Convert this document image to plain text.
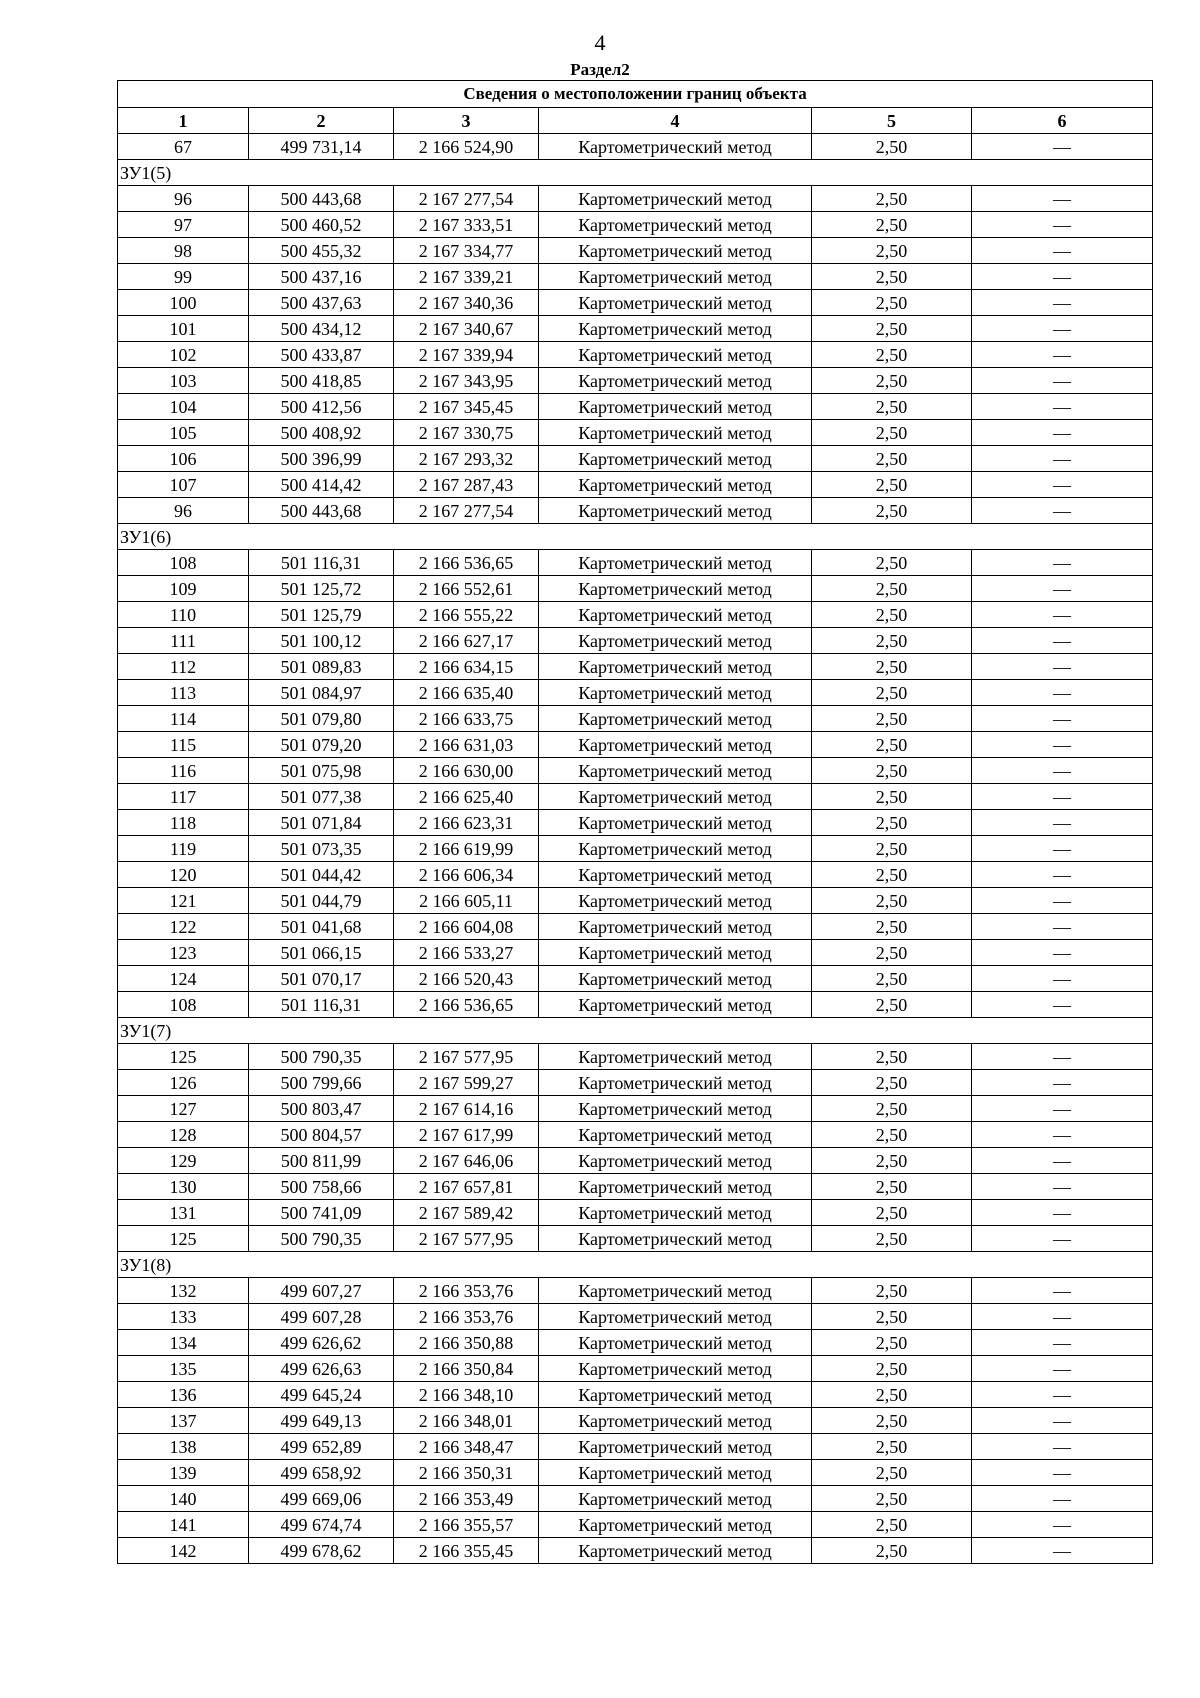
4
Раздел2
Сведения о местоположении границ объекта					
1	2	3	4	5	6
67	499 731,14	2 166 524,90	Картометрический метод	2,50	—
ЗУ1(5)					
96	500 443,68	2 167 277,54	Картометрический метод	2,50	—
97	500 460,52	2 167 333,51	Картометрический метод	2,50	—
98	500 455,32	2 167 334,77	Картометрический метод	2,50	—
99	500 437,16	2 167 339,21	Картометрический метод	2,50	—
100	500 437,63	2 167 340,36	Картометрический метод	2,50	—
101	500 434,12	2 167 340,67	Картометрический метод	2,50	—
102	500 433,87	2 167 339,94	Картометрический метод	2,50	—
103	500 418,85	2 167 343,95	Картометрический метод	2,50	—
104	500 412,56	2 167 345,45	Картометрический метод	2,50	—
105	500 408,92	2 167 330,75	Картометрический метод	2,50	—
106	500 396,99	2 167 293,32	Картометрический метод	2,50	—
107	500 414,42	2 167 287,43	Картометрический метод	2,50	—
96	500 443,68	2 167 277,54	Картометрический метод	2,50	—
ЗУ1(6)					
108	501 116,31	2 166 536,65	Картометрический метод	2,50	—
109	501 125,72	2 166 552,61	Картометрический метод	2,50	—
110	501 125,79	2 166 555,22	Картометрический метод	2,50	—
111	501 100,12	2 166 627,17	Картометрический метод	2,50	—
112	501 089,83	2 166 634,15	Картометрический метод	2,50	—
113	501 084,97	2 166 635,40	Картометрический метод	2,50	—
114	501 079,80	2 166 633,75	Картометрический метод	2,50	—
115	501 079,20	2 166 631,03	Картометрический метод	2,50	—
116	501 075,98	2 166 630,00	Картометрический метод	2,50	—
117	501 077,38	2 166 625,40	Картометрический метод	2,50	—
118	501 071,84	2 166 623,31	Картометрический метод	2,50	—
119	501 073,35	2 166 619,99	Картометрический метод	2,50	—
120	501 044,42	2 166 606,34	Картометрический метод	2,50	—
121	501 044,79	2 166 605,11	Картометрический метод	2,50	—
122	501 041,68	2 166 604,08	Картометрический метод	2,50	—
123	501 066,15	2 166 533,27	Картометрический метод	2,50	—
124	501 070,17	2 166 520,43	Картометрический метод	2,50	—
108	501 116,31	2 166 536,65	Картометрический метод	2,50	—
ЗУ1(7)					
125	500 790,35	2 167 577,95	Картометрический метод	2,50	—
126	500 799,66	2 167 599,27	Картометрический метод	2,50	—
127	500 803,47	2 167 614,16	Картометрический метод	2,50	—
128	500 804,57	2 167 617,99	Картометрический метод	2,50	—
129	500 811,99	2 167 646,06	Картометрический метод	2,50	—
130	500 758,66	2 167 657,81	Картометрический метод	2,50	—
131	500 741,09	2 167 589,42	Картометрический метод	2,50	—
125	500 790,35	2 167 577,95	Картометрический метод	2,50	—
ЗУ1(8)					
132	499 607,27	2 166 353,76	Картометрический метод	2,50	—
133	499 607,28	2 166 353,76	Картометрический метод	2,50	—
134	499 626,62	2 166 350,88	Картометрический метод	2,50	—
135	499 626,63	2 166 350,84	Картометрический метод	2,50	—
136	499 645,24	2 166 348,10	Картометрический метод	2,50	—
137	499 649,13	2 166 348,01	Картометрический метод	2,50	—
138	499 652,89	2 166 348,47	Картометрический метод	2,50	—
139	499 658,92	2 166 350,31	Картометрический метод	2,50	—
140	499 669,06	2 166 353,49	Картометрический метод	2,50	—
141	499 674,74	2 166 355,57	Картометрический метод	2,50	—
142	499 678,62	2 166 355,45	Картометрический метод	2,50	—
